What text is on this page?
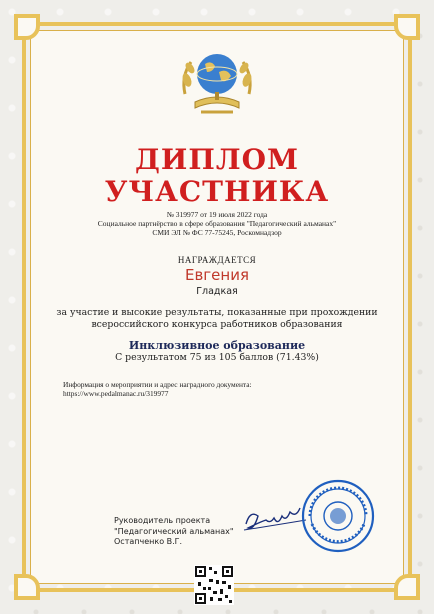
ДИПЛОМ
УЧАСТНИКА
№ 319977 от 19 июля 2022 года
Социальное партнёрство в сфере образования "Педагогический альманах"
СМИ ЭЛ № ФС 77-75245, Роскомнадзор
НАГРАЖДАЕТСЯ
Евгения
Гладкая
за участие и высокие результаты, показанные при прохождении
всероссийского конкурса работников образования
Инклюзивное образование
С результатом 75 из 105 баллов (71.43%)
Информация о мероприятии и адрес наградного документа:
https://www.pedalmanac.ru/319977
Руководитель проекта
"Педагогический альманах"
Остапченко В.Г.
